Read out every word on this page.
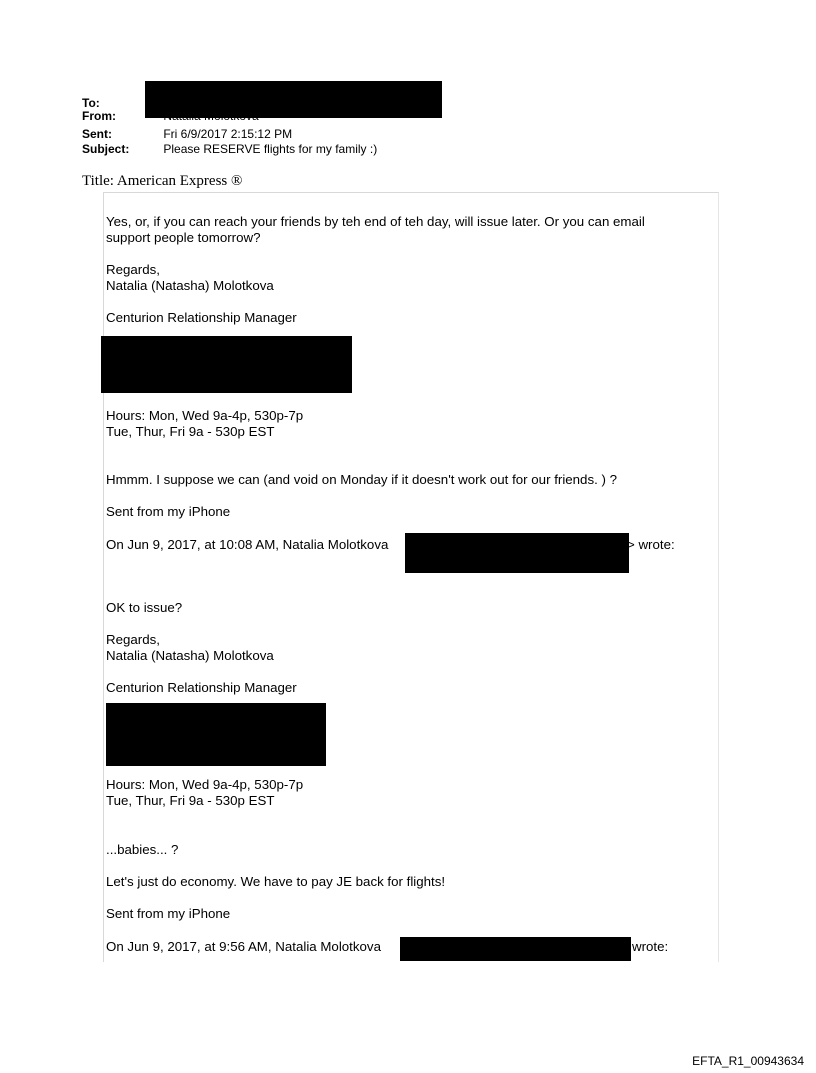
To:
From:
Sent:	Fri 6/9/2017 2:15:12 PM
Subject:	Please RESERVE flights for my family :)
Title: American Express ®
Yes, or, if you can reach your friends by teh end of teh day, will issue later. Or you can email
support people tomorrow?
Regards,
Natalia (Natasha) Molotkova
Centurion Relationship Manager
Hours: Mon, Wed 9a-4p, 530p-7p
Tue, Thur, Fri 9a - 530p EST
Hmmm. I suppose we can (and void on Monday if it doesn't work out for our friends. ) ?
Sent from my iPhone
On Jun 9, 2017, at 10:08 AM, Natalia Molotkova	> wrote:
OK to issue?
Regards,
Natalia (Natasha) Molotkova
Centurion Relationship Manager
Hours: Mon, Wed 9a-4p, 530p-7p
Tue, Thur, Fri 9a - 530p EST
...babies... ?
Let's just do economy. We have to pay JE back for flights!
Sent from my iPhone
On Jun 9, 2017, at 9:56 AM, Natalia Molotkova	wrote:
EFTA_R1_00943634
